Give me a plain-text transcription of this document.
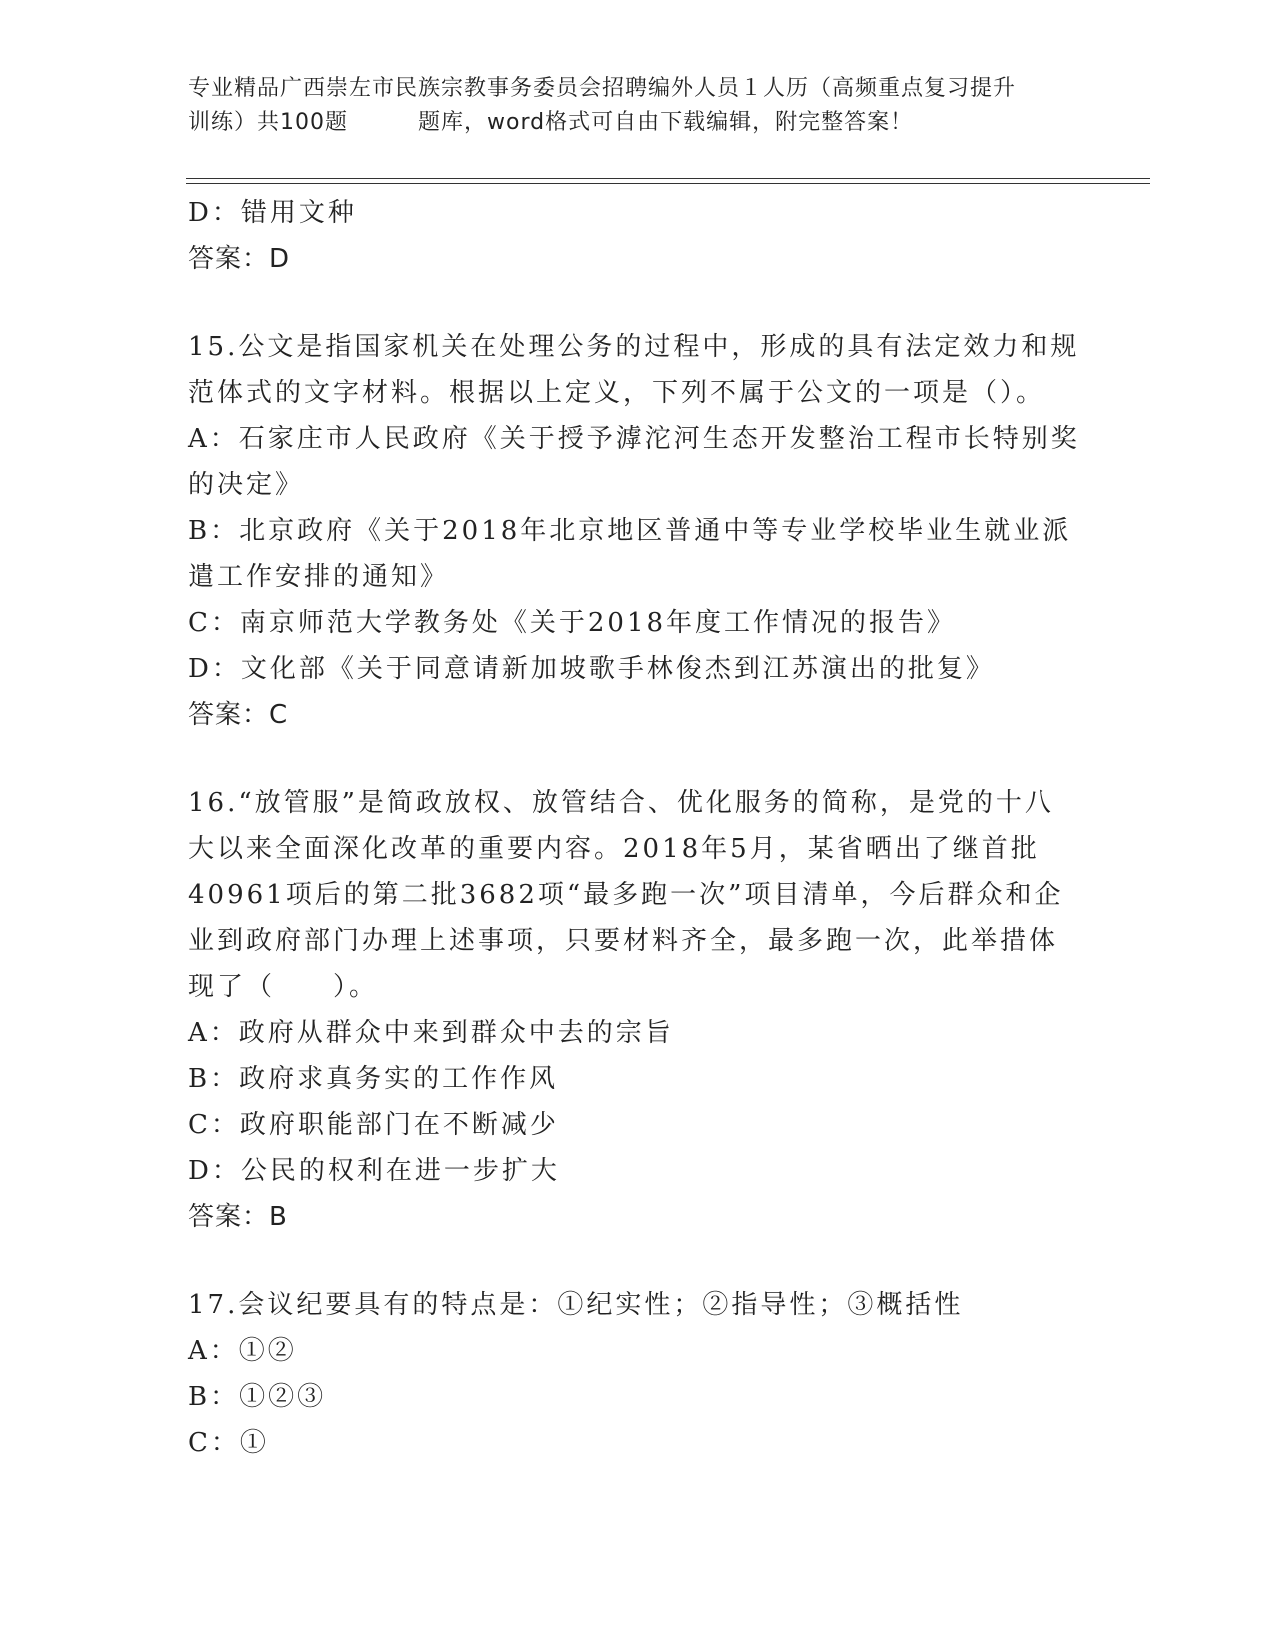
专业精品广西崇左市民族宗教事务委员会招聘编外人员１人历（高频重点复习提升
训练）共100题	题库，word格式可自由下载编辑，附完整答案！
D：错用文种
答案：D
15.公文是指国家机关在处理公务的过程中，形成的具有法定效力和规
范体式的文字材料。根据以上定义，下列不属于公文的一项是（）。
A：石家庄市人民政府《关于授予滹沱河生态开发整治工程市长特别奖
的决定》
B：北京政府《关于2018年北京地区普通中等专业学校毕业生就业派
遣工作安排的通知》
C：南京师范大学教务处《关于2018年度工作情况的报告》
D：文化部《关于同意请新加坡歌手林俊杰到江苏演出的批复》
答案：C
16.“放管服”是简政放权、放管结合、优化服务的简称，是党的十八
大以来全面深化改革的重要内容。2018年5月，某省晒出了继首批
40961项后的第二批3682项“最多跑一次”项目清单，今后群众和企
业到政府部门办理上述事项，只要材料齐全，最多跑一次，此举措体
现了（　　）。
A：政府从群众中来到群众中去的宗旨
B：政府求真务实的工作作风
C：政府职能部门在不断减少
D：公民的权利在进一步扩大
答案：B
17.会议纪要具有的特点是：①纪实性；②指导性；③概括性
A：①②
B：①②③
C：①
